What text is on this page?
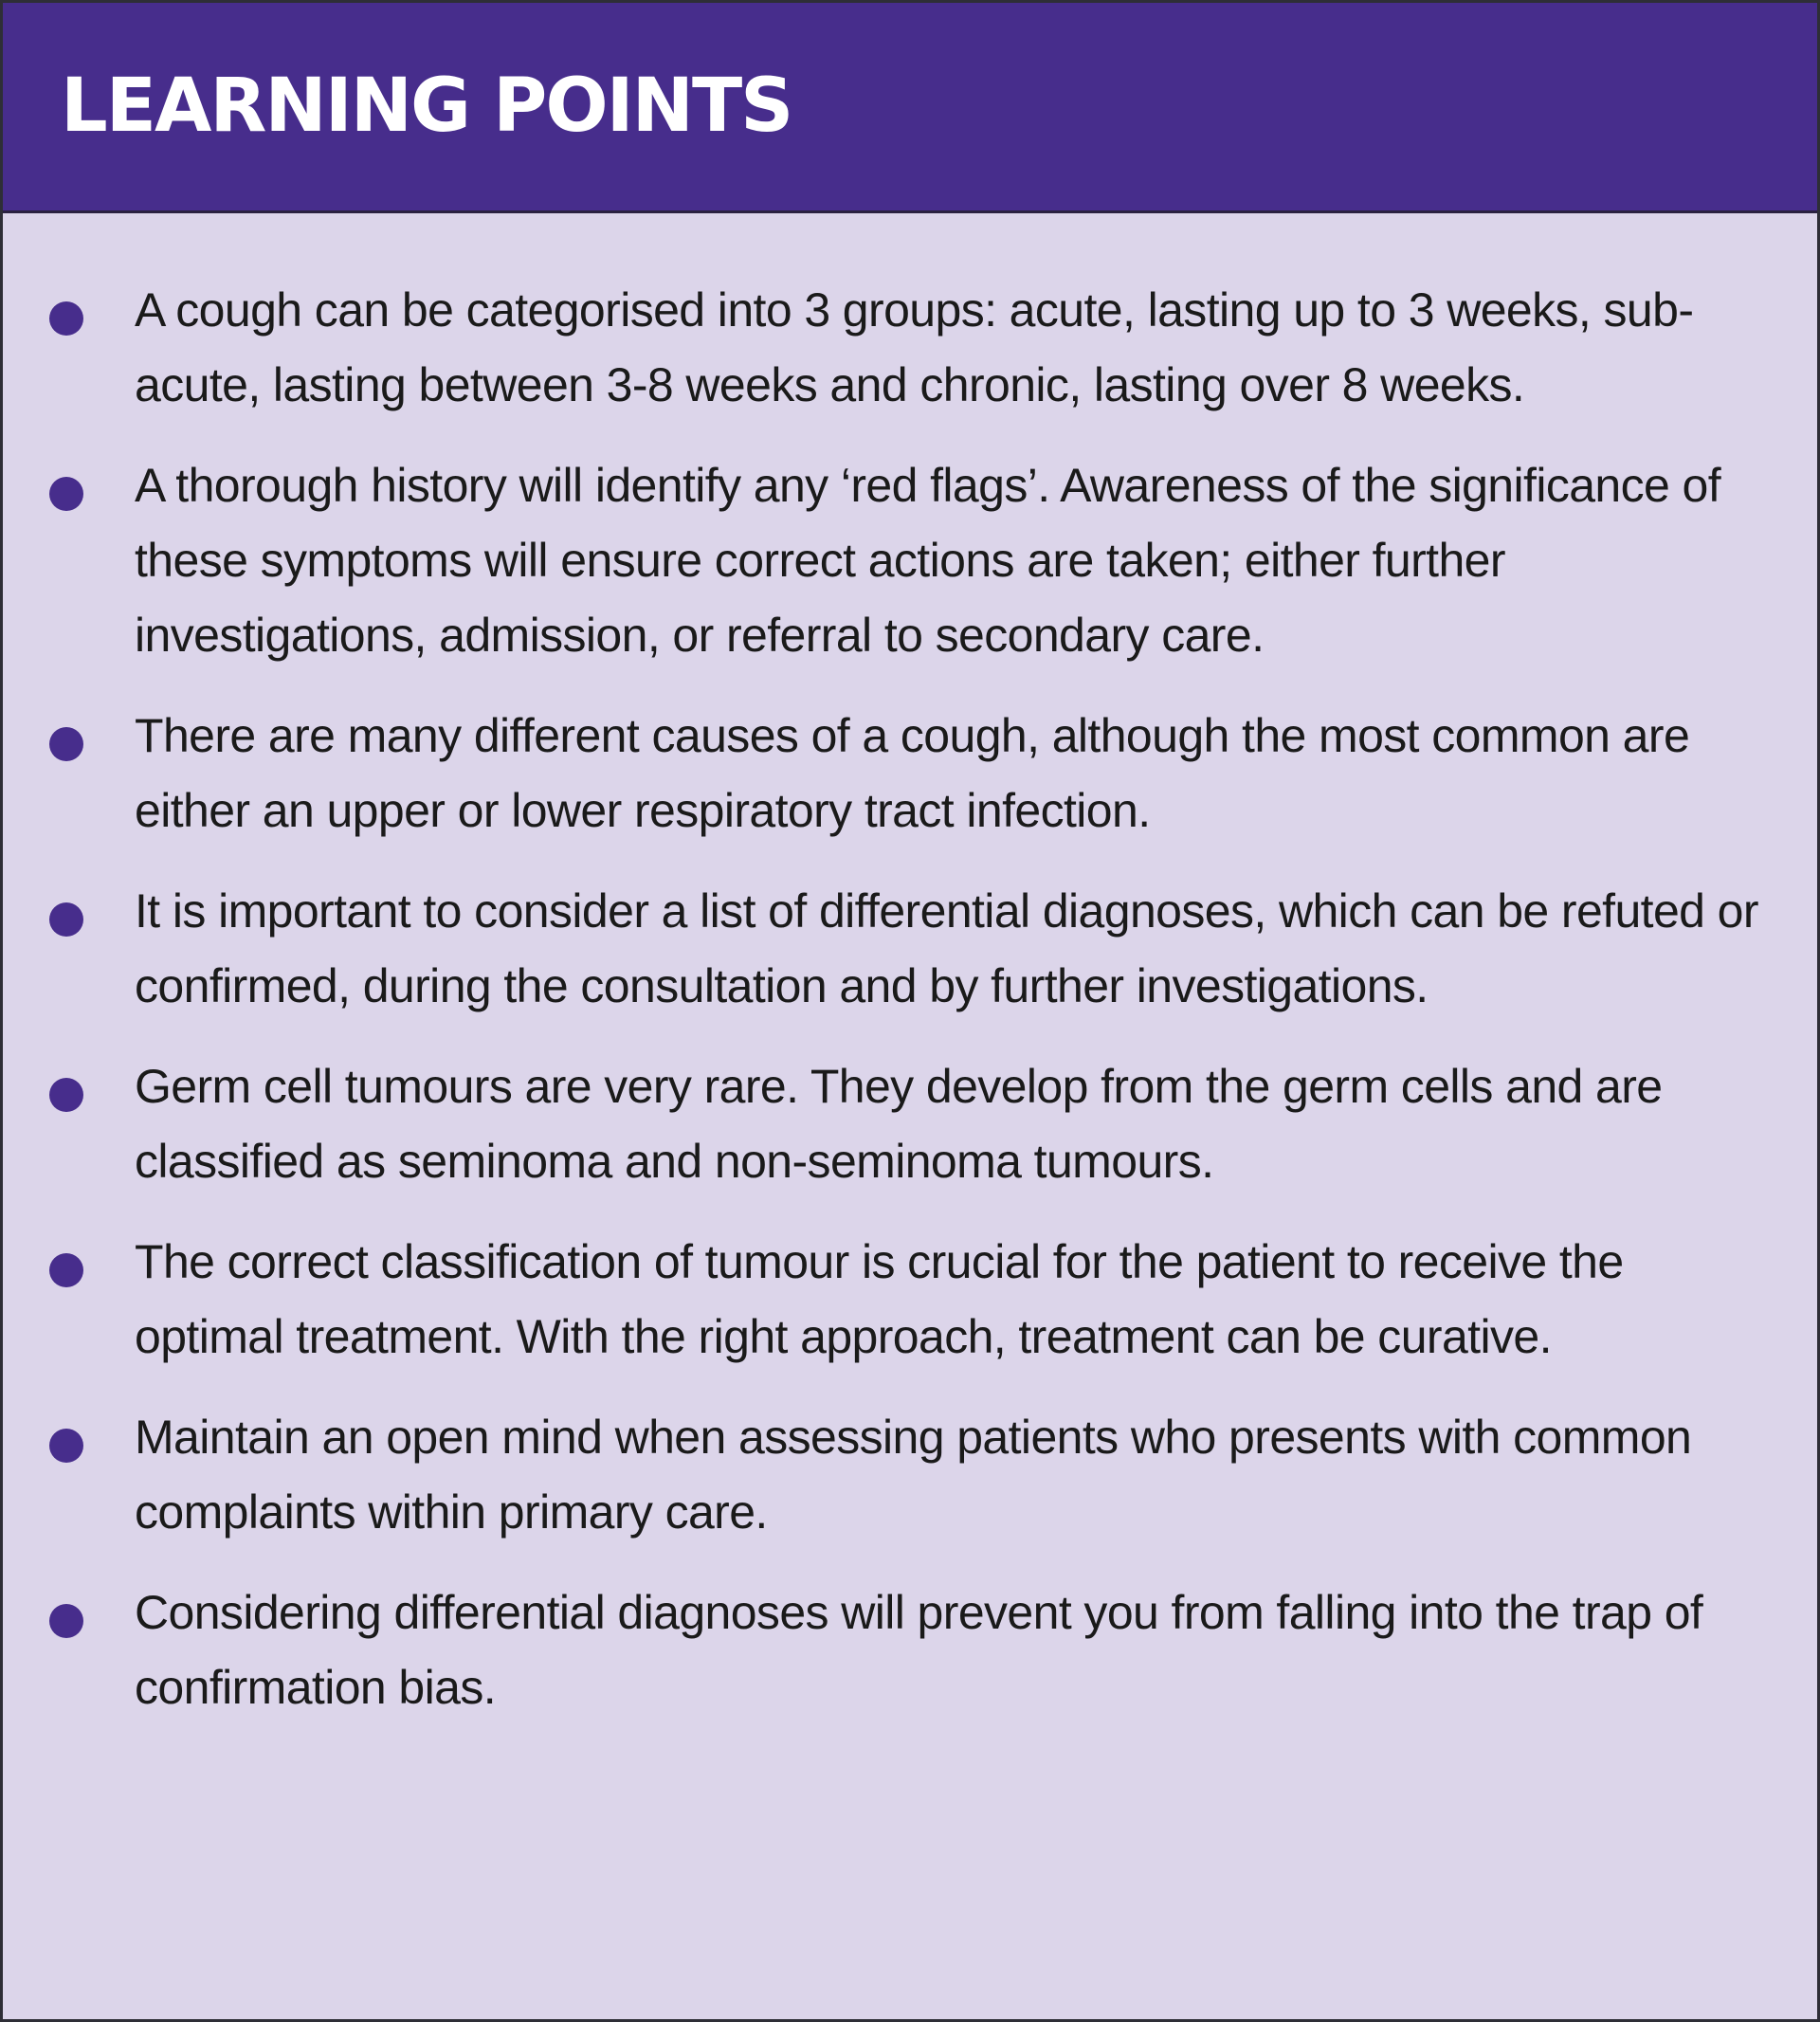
LEARNING POINTS
A cough can be categorised into 3 groups: acute, lasting up to 3 weeks, sub-acute, lasting between 3-8 weeks and chronic, lasting over 8 weeks.
A thorough history will identify any ‘red flags’. Awareness of the significance of these symptoms will ensure correct actions are taken; either further investigations, admission, or referral to secondary care.
There are many different causes of a cough, although the most common are either an upper or lower respiratory tract infection.
It is important to consider a list of differential diagnoses, which can be refuted or confirmed, during the consultation and by further investigations.
Germ cell tumours are very rare. They develop from the germ cells and are classified as seminoma and non-seminoma tumours.
The correct classification of tumour is crucial for the patient to receive the optimal treatment. With the right approach, treatment can be curative.
Maintain an open mind when assessing patients who presents with common complaints within primary care.
Considering differential diagnoses will prevent you from falling into the trap of confirmation bias.
